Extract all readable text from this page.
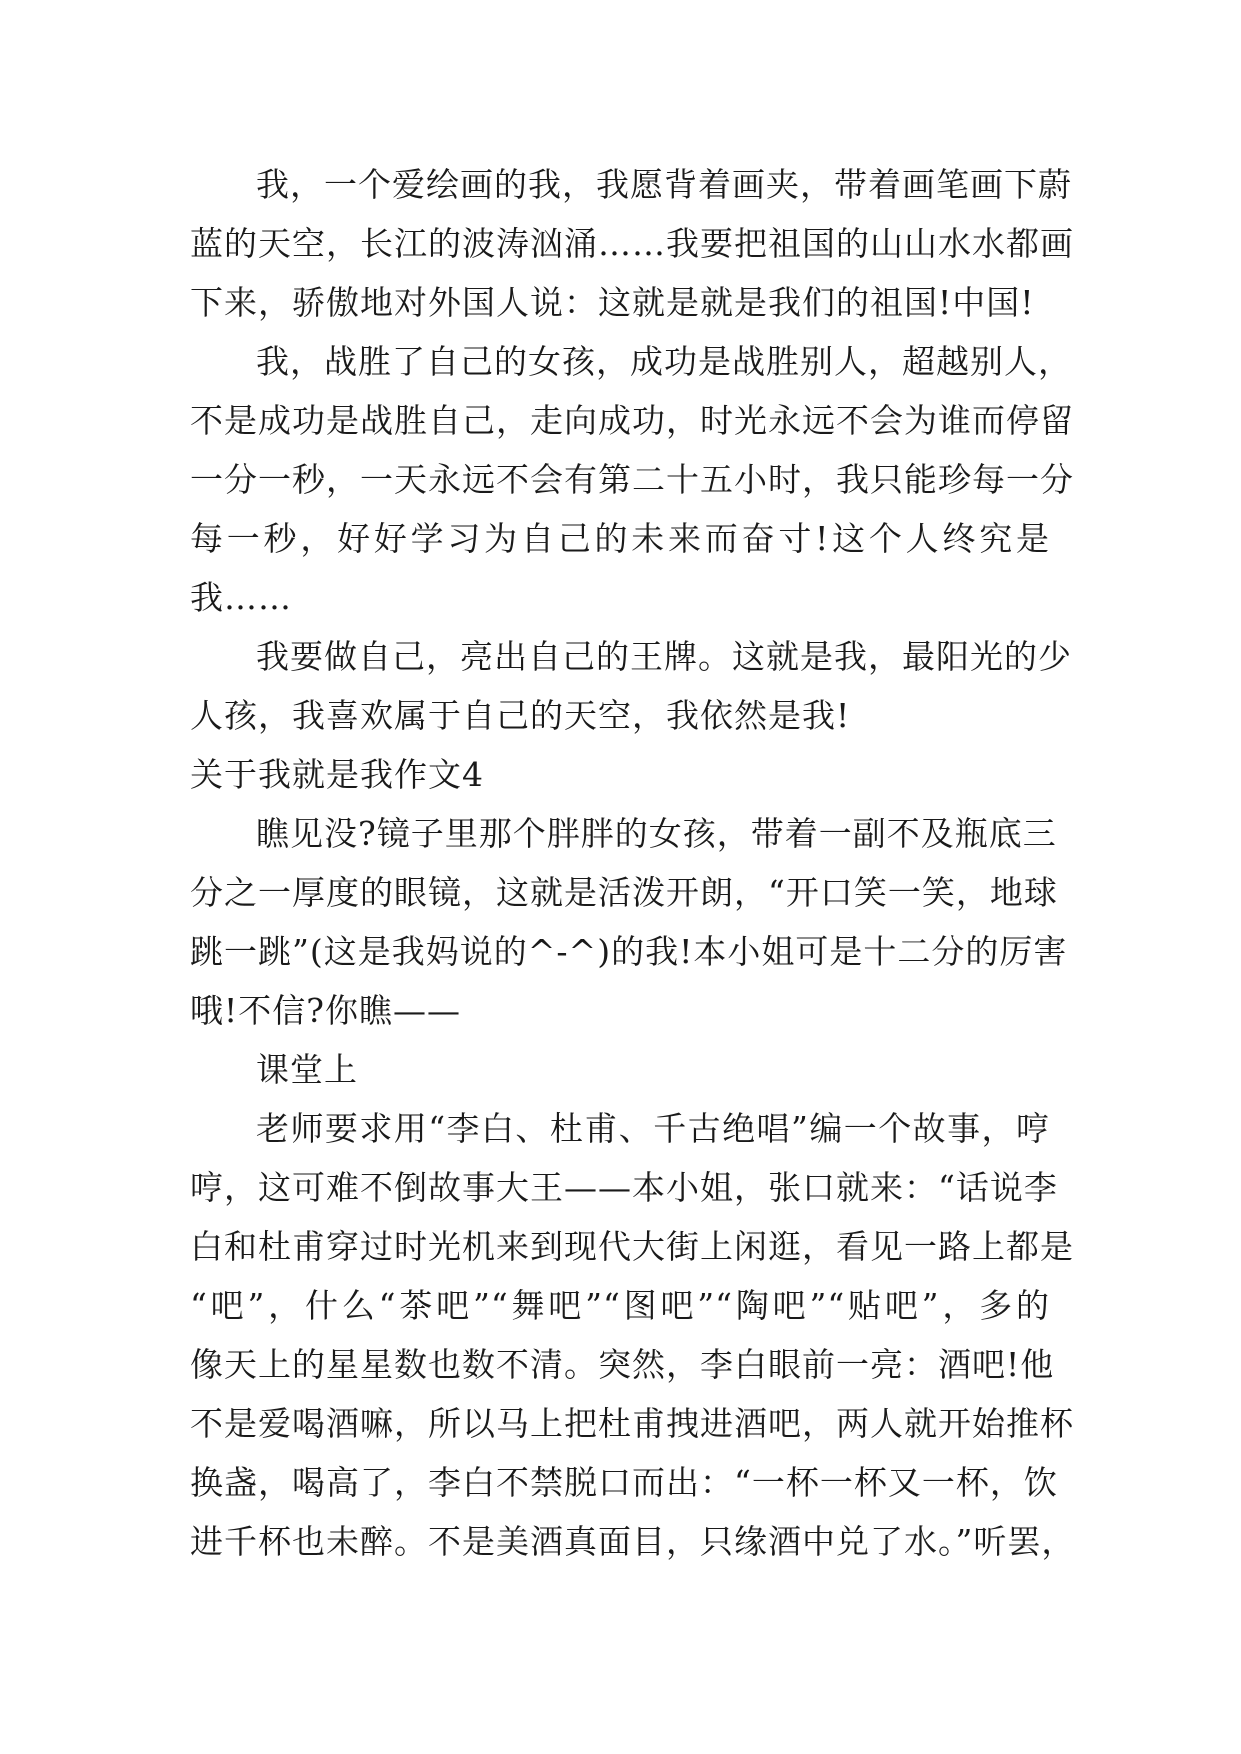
我，一个爱绘画的我，我愿背着画夹，带着画笔画下蔚

蓝的天空，长江的波涛汹涌……我要把祖国的山山水水都画

下来，骄傲地对外国人说：这就是就是我们的祖国!中国!

我，战胜了自己的女孩，成功是战胜别人，超越别人，

不是成功是战胜自己，走向成功，时光永远不会为谁而停留

一分一秒，一天永远不会有第二十五小时，我只能珍每一分

每一秒，好好学习为自己的未来而奋寸!这个人终究是

我……

我要做自己，亮出自己的王牌。这就是我，最阳光的少

人孩，我喜欢属于自己的天空，我依然是我!

关于我就是我作文4

瞧见没?镜子里那个胖胖的女孩，带着一副不及瓶底三

分之一厚度的眼镜，这就是活泼开朗，“开口笑一笑，地球

跳一跳”(这是我妈说的^-^)的我!本小姐可是十二分的厉害

哦!不信?你瞧——

课堂上

老师要求用“李白、杜甫、千古绝唱”编一个故事，哼

哼，这可难不倒故事大王——本小姐，张口就来：“话说李

白和杜甫穿过时光机来到现代大街上闲逛，看见一路上都是

“吧”，什么“茶吧”“舞吧”“图吧”“陶吧”“贴吧”，多的

像天上的星星数也数不清。突然，李白眼前一亮：酒吧!他

不是爱喝酒嘛，所以马上把杜甫拽进酒吧，两人就开始推杯

换盏，喝高了，李白不禁脱口而出：“一杯一杯又一杯，饮

进千杯也未醉。不是美酒真面目，只缘酒中兑了水。”听罢，
